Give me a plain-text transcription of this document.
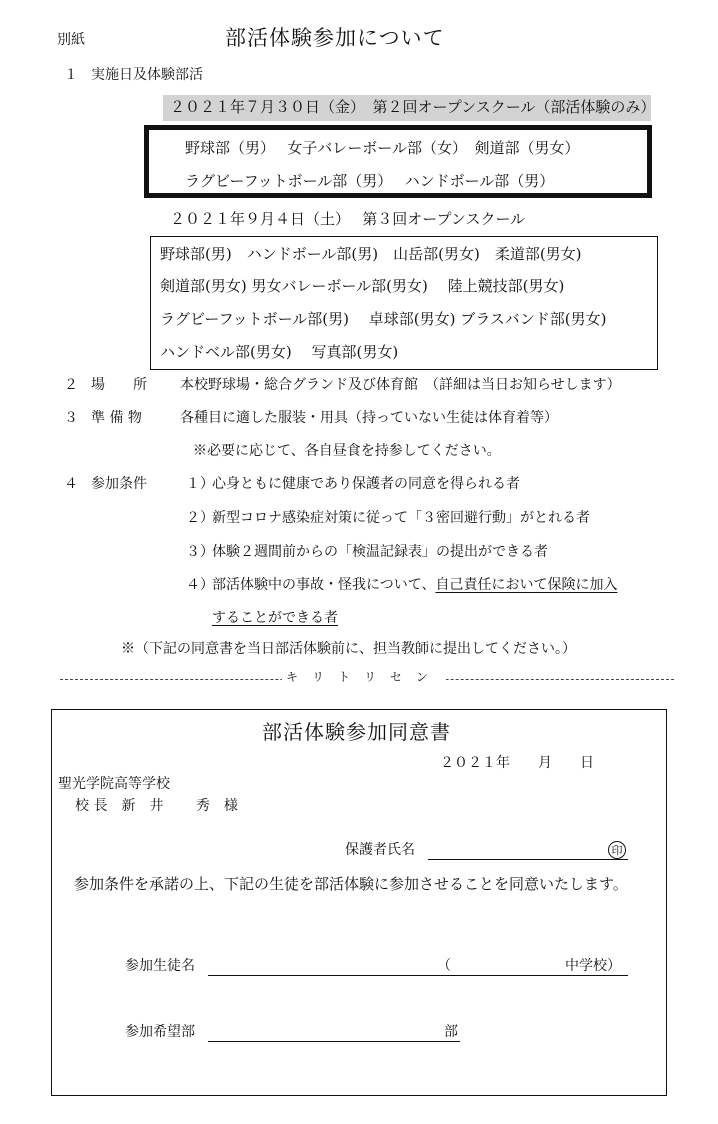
別紙	部活体験参加について
１ 実施日及体験部活
２０２１年７月３０日（金）　第２回オープンスクール（部活体験のみ）
野球部（男）　 女子バレーボール部（女）　剣道部（男女）
ラグビーフットボール部（男）　 ハンドボール部（男）
２０２１年９月４日（土）　 第３回オープンスクール
野球部(男)　ハンドボール部(男)　山岳部(男女)　柔道部(男女)
剣道部(男女) 男女バレーボール部(男女)　 陸上競技部(男女)
ラグビーフットボール部(男)　 卓球部(男女) ブラスバンド部(男女)
ハンドベル部(男女)　 写真部(男女)
２ 場　　所 本校野球場・総合グランド及び体育館　（詳細は当日お知らせします）
３ 準 備 物	各種目に適した服装・用具（持っていない生徒は体育着等）
※必要に応じて、各自昼食を持参してください。
４ 参加条件	１）
心身ともに健康であり保護者の同意を得られる者
２）
新型コロナ感染症対策に従って「３密回避行動」がとれる者
３）
体験２週間前からの「検温記録表」の提出ができる者
４）
部活体験中の事故・怪我について、自己責任において保険に加入
することができる者
※（下記の同意書を当日部活体験前に、担当教師に提出してください。）
キリトリセン
部活体験参加同意書
２０２１年　　月　　日
聖光学院高等学校
校 長　新　井　　 秀　様
保護者氏名	印
参加条件を承諾の上、下記の生徒を部活体験に参加させることを同意いたします。
参加生徒名	（	中学校）
参加希望部	部
